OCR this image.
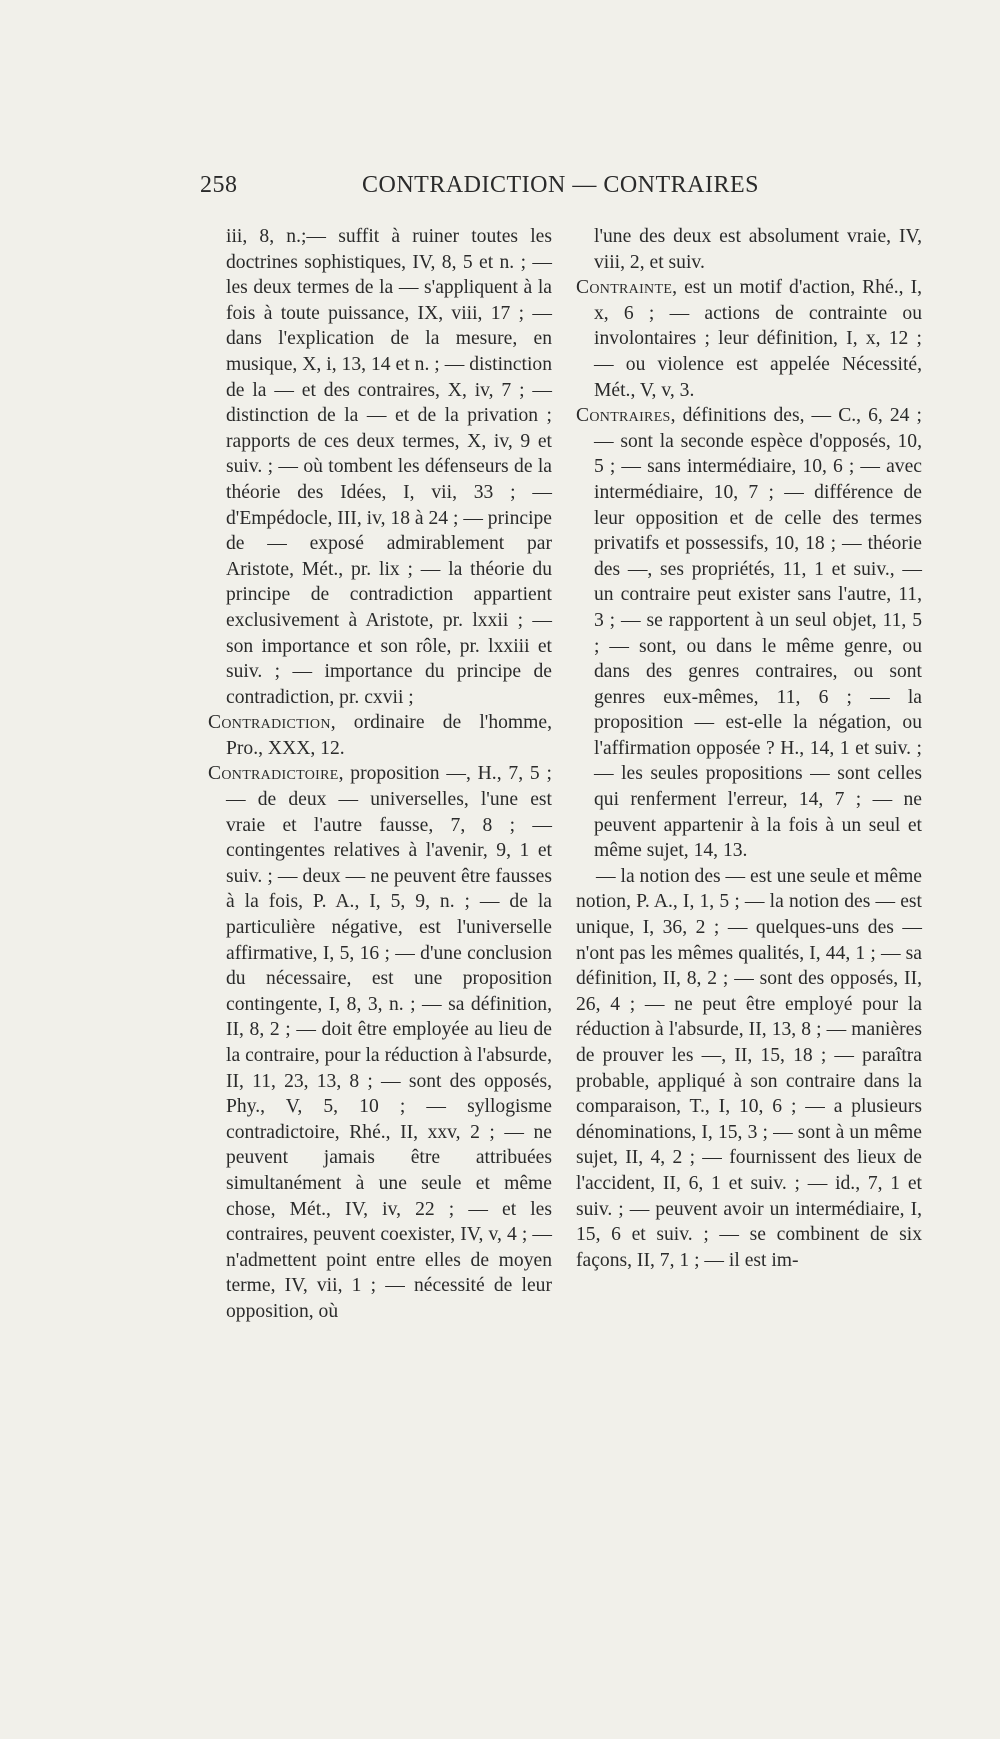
258	CONTRADICTION — CONTRAIRES

iii, 8, n.;— suffit à ruiner toutes les doctrines sophistiques, IV, 8, 5 et n. ; — les deux termes de la — s'appliquent à la fois à toute puissance, IX, viii, 17 ; — dans l'explication de la mesure, en musique, X, i, 13, 14 et n. ; — distinction de la — et des contraires, X, iv, 7 ; — distinction de la — et de la privation ; rapports de ces deux termes, X, iv, 9 et suiv. ; — où tombent les défenseurs de la théorie des Idées, I, vii, 33 ; — d'Empédocle, III, iv, 18 à 24 ; — principe de — exposé admirablement par Aristote, Mét., pr. lix ; — la théorie du principe de contradiction appartient exclusivement à Aristote, pr. lxxii ; — son importance et son rôle, pr. lxxiii et suiv. ; — importance du principe de contradiction, pr. cxvii ;

Contradiction, ordinaire de l'homme, Pro., XXX, 12.

Contradictoire, proposition —, H., 7, 5 ; — de deux — universelles, l'une est vraie et l'autre fausse, 7, 8 ; — contingentes relatives à l'avenir, 9, 1 et suiv. ; — deux — ne peuvent être fausses à la fois, P. A., I, 5, 9, n. ; — de la particulière négative, est l'universelle affirmative, I, 5, 16 ; — d'une conclusion du nécessaire, est une proposition contingente, I, 8, 3, n. ; — sa définition, II, 8, 2 ; — doit être employée au lieu de la contraire, pour la réduction à l'absurde, II, 11, 23, 13, 8 ; — sont des opposés, Phy., V, 5, 10 ; — syllogisme contradictoire, Rhé., II, xxv, 2 ; — ne peuvent jamais être attribuées simultanément à une seule et même chose, Mét., IV, iv, 22 ; — et les contraires, peuvent coexister, IV, v, 4 ; — n'admettent point entre elles de moyen terme, IV, vii, 1 ; — nécessité de leur opposition, où

l'une des deux est absolument vraie, IV, viii, 2, et suiv.

Contrainte, est un motif d'action, Rhé., I, x, 6 ; — actions de contrainte ou involontaires ; leur définition, I, x, 12 ; — ou violence est appelée Nécessité, Mét., V, v, 3.

Contraires, définitions des, — C., 6, 24 ; — sont la seconde espèce d'opposés, 10, 5 ; — sans intermédiaire, 10, 6 ; — avec intermédiaire, 10, 7 ; — différence de leur opposition et de celle des termes privatifs et possessifs, 10, 18 ; — théorie des —, ses propriétés, 11, 1 et suiv., — un contraire peut exister sans l'autre, 11, 3 ; — se rapportent à un seul objet, 11, 5 ; — sont, ou dans le même genre, ou dans des genres contraires, ou sont genres eux-mêmes, 11, 6 ; — la proposition — est-elle la négation, ou l'affirmation opposée ? H., 14, 1 et suiv. ; — les seules propositions — sont celles qui renferment l'erreur, 14, 7 ; — ne peuvent appartenir à la fois à un seul et même sujet, 14, 13.

— la notion des — est une seule et même notion, P. A., I, 1, 5 ; — la notion des — est unique, I, 36, 2 ; — quelques-uns des — n'ont pas les mêmes qualités, I, 44, 1 ; — sa définition, II, 8, 2 ; — sont des opposés, II, 26, 4 ; — ne peut être employé pour la réduction à l'absurde, II, 13, 8 ; — manières de prouver les —, II, 15, 18 ; — paraîtra probable, appliqué à son contraire dans la comparaison, T., I, 10, 6 ; — a plusieurs dénominations, I, 15, 3 ; — sont à un même sujet, II, 4, 2 ; — fournissent des lieux de l'accident, II, 6, 1 et suiv. ; — id., 7, 1 et suiv. ; — peuvent avoir un intermédiaire, I, 15, 6 et suiv. ; — se combinent de six façons, II, 7, 1 ; — il est im-
